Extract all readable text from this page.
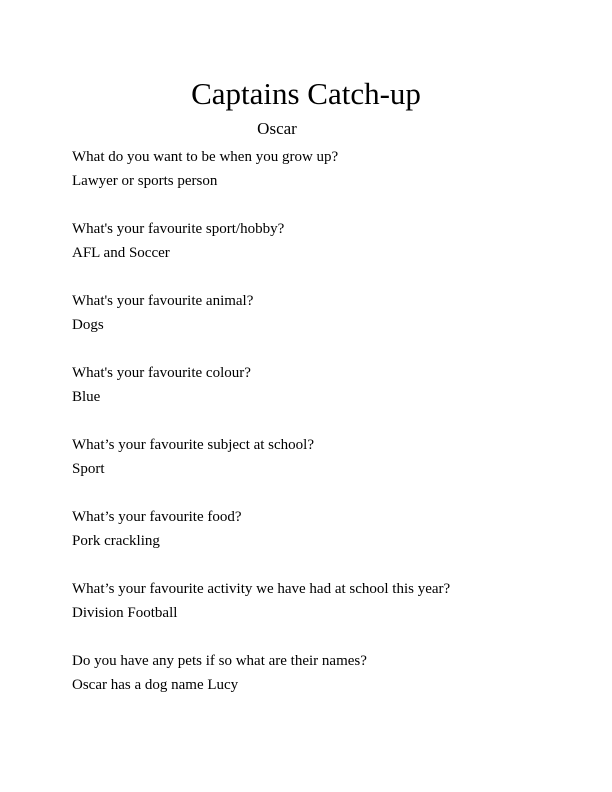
Captains Catch-up
Oscar
What do you want to be when you grow up?
Lawyer or sports person
What's your favourite sport/hobby?
AFL and Soccer
What's your favourite animal?
Dogs
What's your favourite colour?
Blue
What’s your favourite subject at school?
Sport
What’s your favourite food?
Pork crackling
What’s your favourite activity we have had at school this year?
Division Football
Do you have any pets if so what are their names?
Oscar has a dog name Lucy
